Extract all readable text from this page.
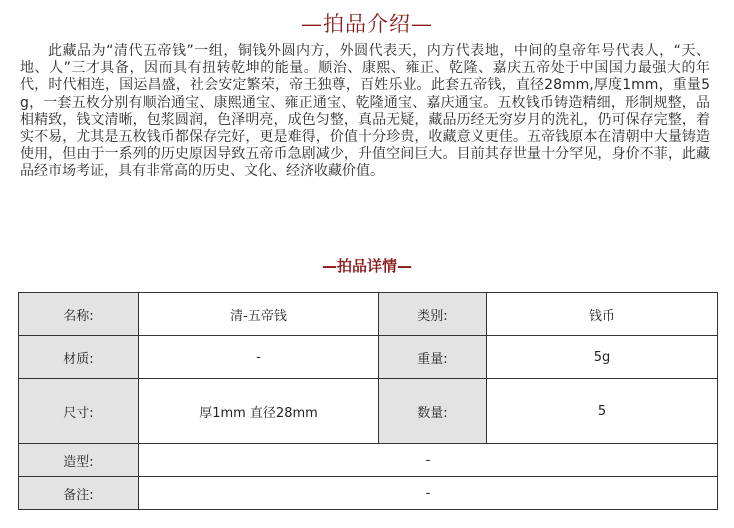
—拍品介绍—

此藏品为“清代五帝钱”一组，铜钱外圆内方，外圆代表天，内方代表地，中间的皇帝年号代表人，“天、地、人”三才具备，因而具有扭转乾坤的能量。顺治、康熙、雍正、乾隆、嘉庆五帝处于中国国力最强大的年代，时代相连，国运昌盛，社会安定繁荣，帝王独尊，百姓乐业。此套五帝钱，直径28mm,厚度1mm，重量5g，一套五枚分别有顺治通宝、康熙通宝、雍正通宝、乾隆通宝、嘉庆通宝。五枚钱币铸造精细，形制规整，品相精致，钱文清晰，包浆圆润，色泽明亮，成色匀整，真品无疑，藏品历经无穷岁月的洗礼，仍可保存完整，着实不易，尤其是五枚钱币都保存完好，更是难得，价值十分珍贵，收藏意义更佳。五帝钱原本在清朝中大量铸造使用，但由于一系列的历史原因导致五帝币急剧减少，升值空间巨大。目前其存世量十分罕见，身价不菲，此藏品经市场考证，具有非常高的历史、文化、经济收藏价值。

—拍品详情—
名称:	清-五帝钱	类别:	钱币
材质:	-	重量:	5g
尺寸:	厚1mm 直径28mm	数量:	5
造型:	-		
备注:	-		
